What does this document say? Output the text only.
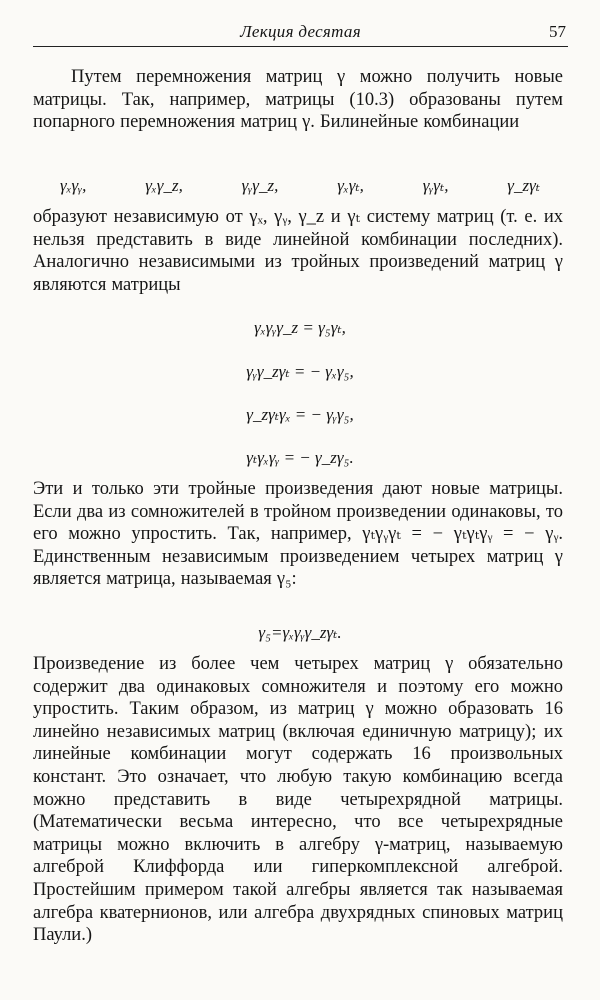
Лекция десятая	57

Путем перемножения матриц γ можно получить новые матрицы. Так, например, матрицы (10.3) образованы путем попарного перемножения матриц γ. Билинейные комбинации

γₓγᵧ,	γₓγ_z,	γᵧγ_z,	γₓγₜ,	γᵧγₜ,	γ_zγₜ

образуют независимую от γₓ, γᵧ, γ_z и γₜ систему матриц (т. е. их нельзя представить в виде линейной комбинации последних). Аналогично независимыми из тройных произведений матриц γ являются матрицы

γₓγᵧγ_z = γ₅γₜ,
γᵧγ_zγₜ = − γₓγ₅,
γ_zγₜγₓ = − γᵧγ₅,
γₜγₓγᵧ = − γ_zγ₅.

Эти и только эти тройные произведения дают новые матрицы. Если два из сомножителей в тройном произведении одинаковы, то его можно упростить. Так, например, γₜγᵧγₜ = − γₜγₜγᵧ = − γᵧ. Единственным независимым произведением четырех матриц γ является матрица, называемая γ₅:

γ₅=γₓγᵧγ_zγₜ.

Произведение из более чем четырех матриц γ обязательно содержит два одинаковых сомножителя и поэтому его можно упростить. Таким образом, из матриц γ можно образовать 16 линейно независимых матриц (включая единичную матрицу); их линейные комбинации могут содержать 16 произвольных констант. Это означает, что любую такую комбинацию всегда можно представить в виде четырехрядной матрицы. (Математически весьма интересно, что все четырехрядные матрицы можно включить в алгебру γ-матриц, называемую алгеброй Клиффорда или гиперкомплексной алгеброй. Простейшим примером такой алгебры является так называемая алгебра кватернионов, или алгебра двухрядных спиновых матриц Паули.)
